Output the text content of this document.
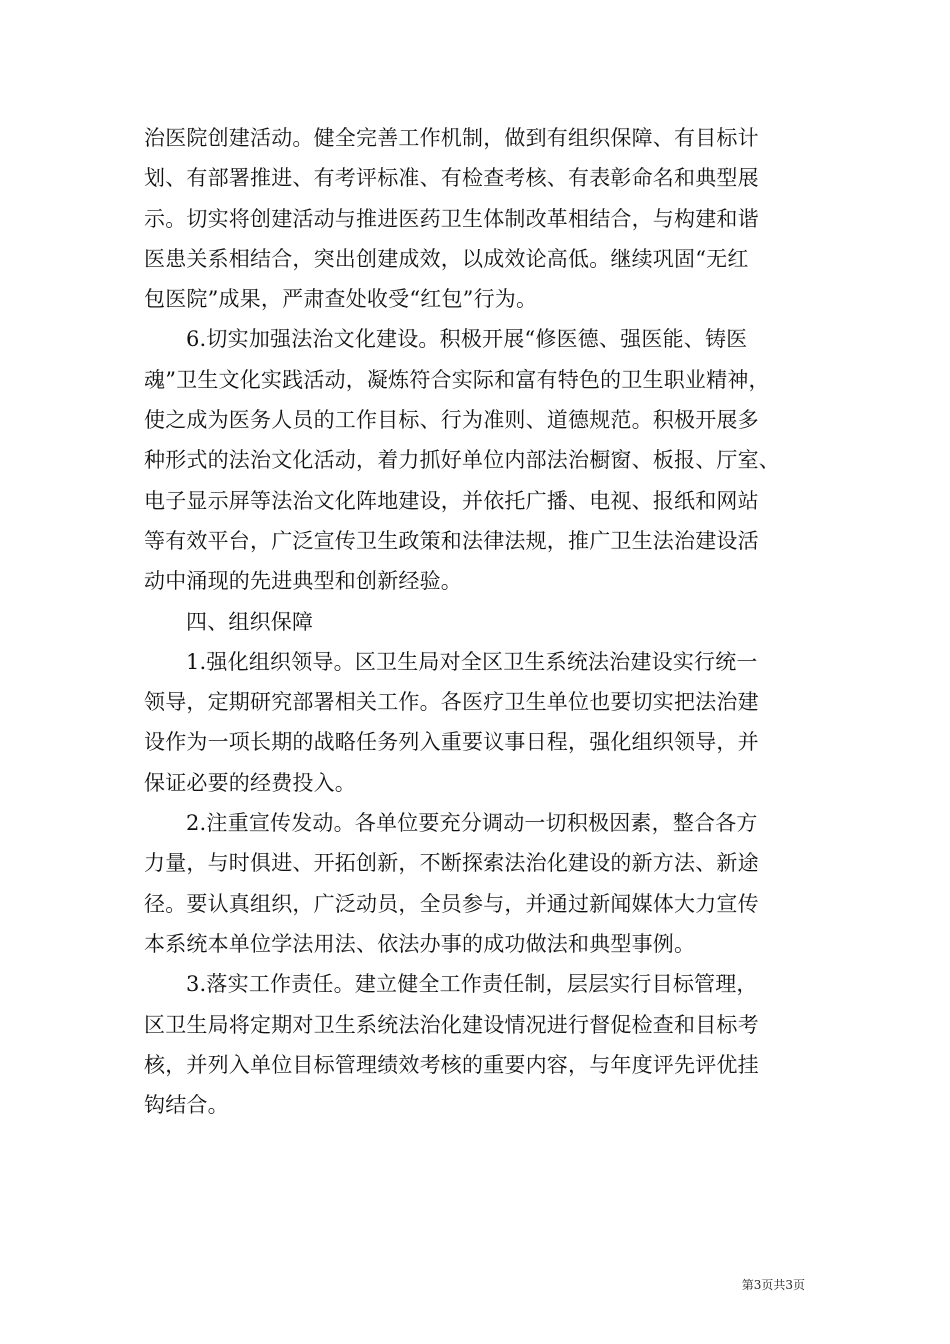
治医院创建活动。健全完善工作机制，做到有组织保障、有目标计
划、有部署推进、有考评标准、有检查考核、有表彰命名和典型展
示。切实将创建活动与推进医药卫生体制改革相结合，与构建和谐
医患关系相结合，突出创建成效，以成效论高低。继续巩固“无红
包医院”成果，严肃查处收受“红包”行为。
6.切实加强法治文化建设。积极开展“修医德、强医能、铸医
魂”卫生文化实践活动，凝炼符合实际和富有特色的卫生职业精神，
使之成为医务人员的工作目标、行为准则、道德规范。积极开展多
种形式的法治文化活动，着力抓好单位内部法治橱窗、板报、厅室、
电子显示屏等法治文化阵地建设，并依托广播、电视、报纸和网站
等有效平台，广泛宣传卫生政策和法律法规，推广卫生法治建设活
动中涌现的先进典型和创新经验。
四、组织保障
1.强化组织领导。区卫生局对全区卫生系统法治建设实行统一
领导，定期研究部署相关工作。各医疗卫生单位也要切实把法治建
设作为一项长期的战略任务列入重要议事日程，强化组织领导，并
保证必要的经费投入。
2.注重宣传发动。各单位要充分调动一切积极因素，整合各方
力量，与时俱进、开拓创新，不断探索法治化建设的新方法、新途
径。要认真组织，广泛动员，全员参与，并通过新闻媒体大力宣传
本系统本单位学法用法、依法办事的成功做法和典型事例。
3.落实工作责任。建立健全工作责任制，层层实行目标管理，
区卫生局将定期对卫生系统法治化建设情况进行督促检查和目标考
核，并列入单位目标管理绩效考核的重要内容，与年度评先评优挂
钩结合。
第3页共3页
